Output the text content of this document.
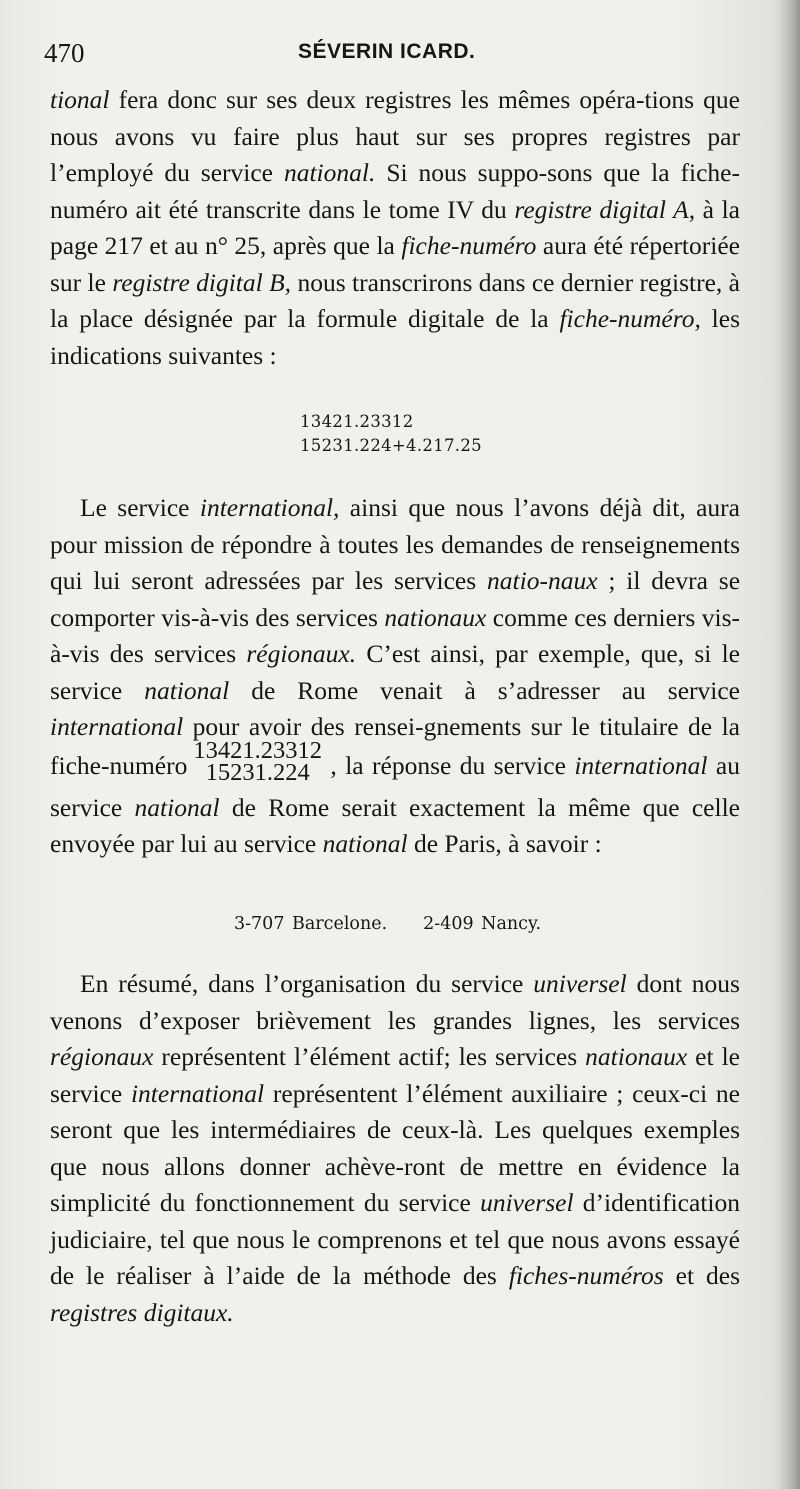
470	SÉVERIN ICARD.

tional fera donc sur ses deux registres les mêmes opéra-tions que nous avons vu faire plus haut sur ses propres registres par l’employé du service national. Si nous suppo-sons que la fiche-numéro ait été transcrite dans le tome IV du registre digital A, à la page 217 et au n° 25, après que la fiche-numéro aura été répertoriée sur le registre digital B, nous transcrirons dans ce dernier registre, à la place désignée par la formule digitale de la fiche-numéro, les indications suivantes :

13421.23312
15231.224+4.217.25

Le service international, ainsi que nous l’avons déjà dit, aura pour mission de répondre à toutes les demandes de renseignements qui lui seront adressées par les services natio-naux ; il devra se comporter vis-à-vis des services nationaux comme ces derniers vis-à-vis des services régionaux. C’est ainsi, par exemple, que, si le service national de Rome venait à s’adresser au service international pour avoir des rensei-gnements sur le titulaire de la fiche-numéro
13421.23312
15231.224 , la réponse du service international au service national de Rome serait exactement la même que celle envoyée par lui au service national de Paris, à savoir :

3-707 Barcelone. 2-409 Nancy.

En résumé, dans l’organisation du service universel dont nous venons d’exposer brièvement les grandes lignes, les services régionaux représentent l’élément actif; les services nationaux et le service international représentent l’élément auxiliaire ; ceux-ci ne seront que les intermédiaires de ceux-là. Les quelques exemples que nous allons donner achève-ront de mettre en évidence la simplicité du fonctionnement du service universel d’identification judiciaire, tel que nous le comprenons et tel que nous avons essayé de le réaliser à l’aide de la méthode des fiches-numéros et des registres digitaux.
